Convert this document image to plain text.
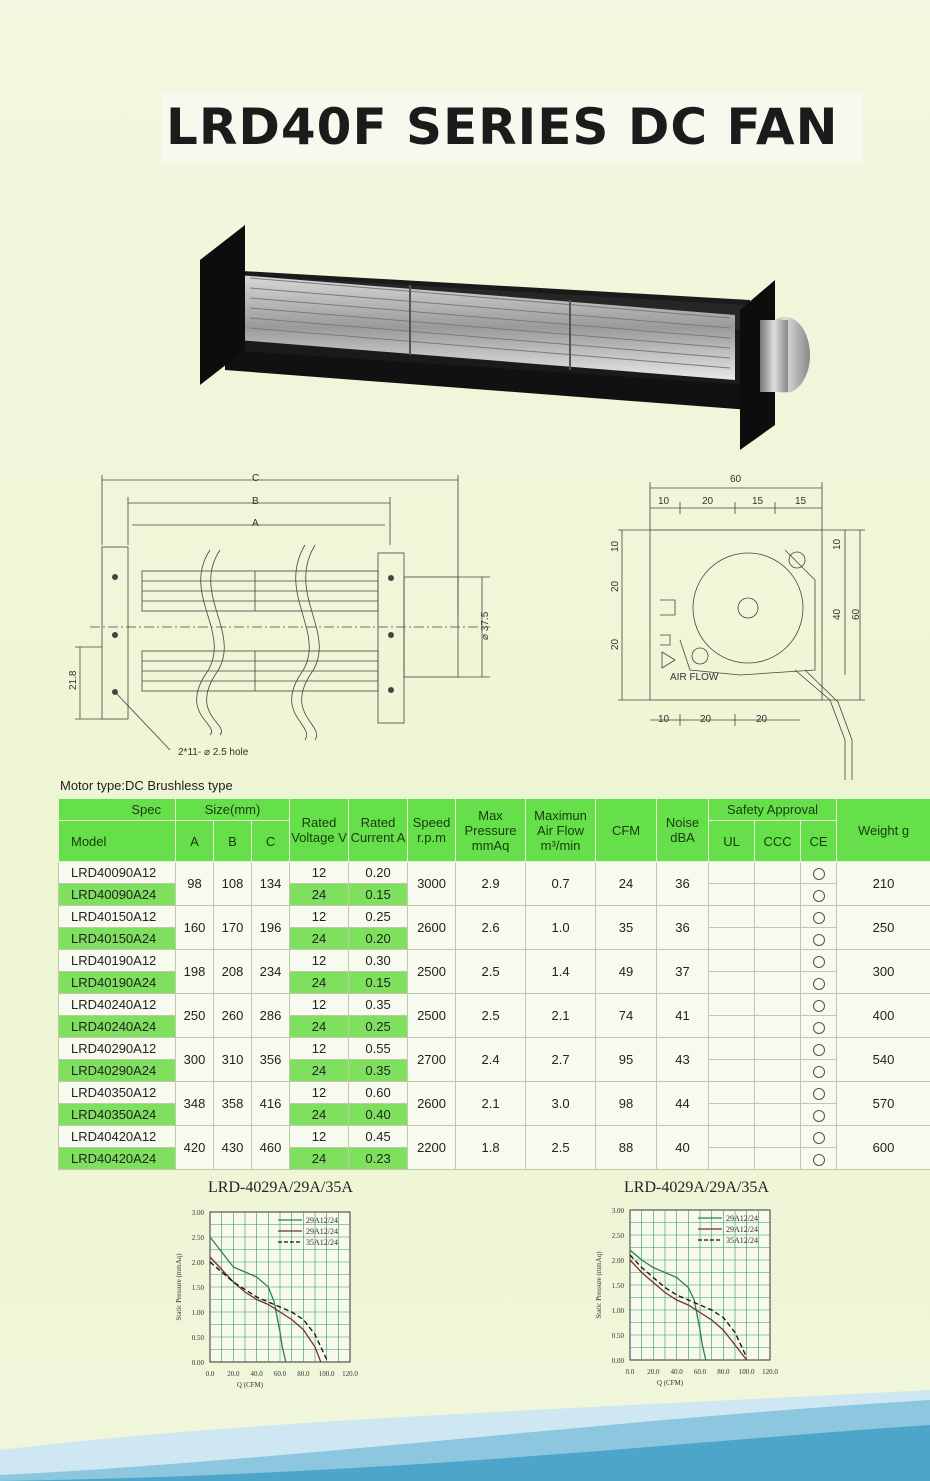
LRD40F SERIES DC FAN
C
B
A
⌀ 37.5
21.8
2*11- ⌀ 2.5 hole
60
10	20	15	15
10
20
20
10
40 60
10	20	20
AIR FLOW
Motor type:DC Brushless type
Spec	Size(mm)			Rated Voltage V	Rated Current A	Speed r.p.m	Max Pressure mmAq	Maximun Air Flow m³/min	CFM	Noise dBA	Safety Approval			Weight g
Model	A	B	C								UL	CCC	CE	
LRD40090A12	98	108	134	12	0.20	3000	2.9	0.7	24	36				210
LRD40090A24				24	0.15									
LRD40150A12	160	170	196	12	0.25	2600	2.6	1.0	35	36				250
LRD40150A24				24	0.20									
LRD40190A12	198	208	234	12	0.30	2500	2.5	1.4	49	37				300
LRD40190A24				24	0.15									
LRD40240A12	250	260	286	12	0.35	2500	2.5	2.1	74	41				400
LRD40240A24				24	0.25									
LRD40290A12	300	310	356	12	0.55	2700	2.4	2.7	95	43				540
LRD40290A24				24	0.35									
LRD40350A12	348	358	416	12	0.60	2600	2.1	3.0	98	44				570
LRD40350A24				24	0.40									
LRD40420A12	420	430	460	12	0.45	2200	1.8	2.5	88	40				600
LRD40420A24				24	0.23									
LRD-4029A/29A/35A	LRD-4029A/29A/35A
0.00
0.50
1.00
1.50
2.00
2.50
3.00
0.0 20.0 40.0 60.0 80.0 100.0 120.0
Q (CFM)
Static Pressure (mmAq)
29A12/24
29A12/24
35A12/24
0.00
0.50
1.00
1.50
2.00
2.50
3.00
0.0 20.0 40.0 60.0 80.0 100.0 120.0
Q (CFM)
Static Pressure (mmAq)
29A12/24
29A12/24
35A12/24
